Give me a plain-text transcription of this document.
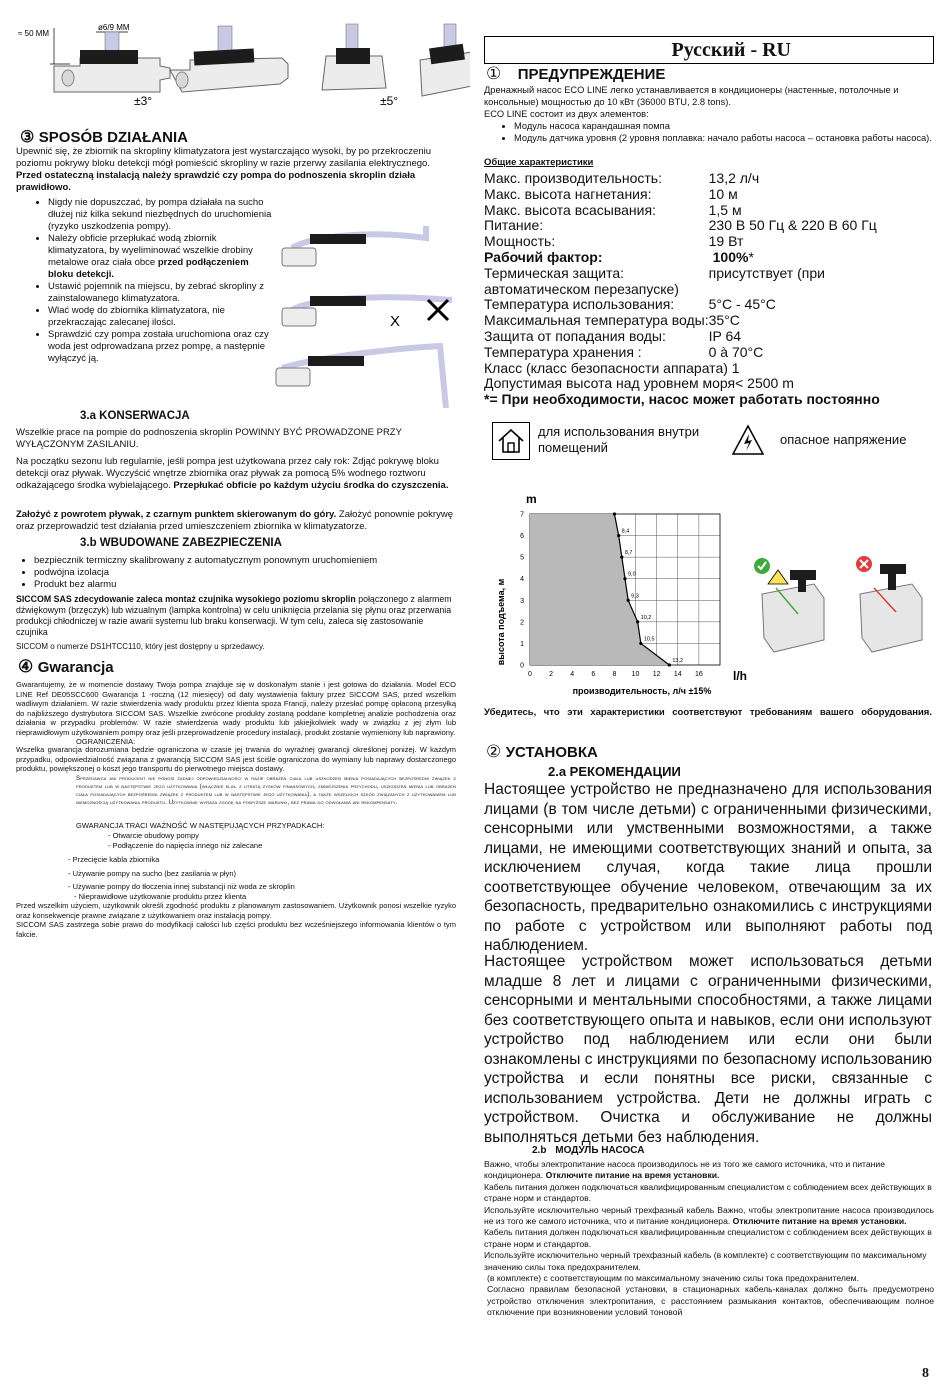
≈ 50 MM
ø6/9 MM
±3°	±5°
③ SPOSÓB DZIAŁANIA
Upewnić się, że zbiornik na skropliny klimatyzatora jest wystarczająco wysoki, by po przekroczeniu poziomu pokrywy bloku detekcji mógł pomieścić skropliny w razie przerwy zasilania elektrycznego. Przed ostateczną instalacją należy sprawdzić czy pompa do podnoszenia skroplin działa prawidłowo.
• Nigdy nie dopuszczać, by pompa działała na sucho dłużej niż kilka sekund niezbędnych do uruchomienia (ryzyko uszkodzenia pompy).
• Należy obficie przepłukać wodą zbiornik klimatyzatora, by wyeliminować wszelkie drobiny metalowe oraz ciała obce przed podłączeniem bloku detekcji.
• Ustawić pojemnik na miejscu, by zebrać skropliny z zainstalowanego klimatyzatora.
• Wlać wodę do zbiornika klimatyzatora, nie przekraczając zalecanej ilości.
• Sprawdzić czy pompa została uruchomiona oraz czy woda jest odprowadzana przez pompę, a następnie wyłączyć ją.
X
3.a KONSERWACJA
Wszelkie prace na pompie do podnoszenia skroplin POWINNY BYĆ PROWADZONE PRZY WYŁĄCZONYM ZASILANIU.
Na początku sezonu lub regularnie, jeśli pompa jest użytkowana przez cały rok: Zdjąć pokrywę bloku detekcji oraz pływak. Wyczyścić wnętrze zbiornika oraz pływak za pomocą 5% wodnego roztworu odkażającego środka wybielającego. Przepłukać obficie po każdym użyciu środka do czyszczenia.
Założyć z powrotem pływak, z czarnym punktem skierowanym do góry. Założyć ponownie pokrywę oraz przeprowadzić test działania przed umieszczeniem zbiornika w klimatyzatorze.
3.b WBUDOWANE ZABEZPIECZENIA
• bezpiecznik termiczny skalibrowany z automatycznym ponownym uruchomieniem
• podwójna izolacja
• Produkt bez alarmu
SICCOM SAS zdecydowanie zaleca montaż czujnika wysokiego poziomu skroplin połączonego z alarmem dźwiękowym (brzęczyk) lub wizualnym (lampka kontrolna) w celu uniknięcia przelania się płynu oraz przerwania produkcji chłodniczej w razie awarii systemu lub braku konserwacji. W tym celu, zaleca się zastosowanie czujnika
SICCOM o numerze DS1HTCC110, który jest dostępny u sprzedawcy.
④ Gwarancja
Gwarantujemy, że w momencie dostawy Twoja pompa znajduje się w doskonałym stanie i jest gotowa do działania. Model ECO LINE Ref DE05SCC600 Gwarancja 1 -roczną (12 miesięcy) od daty wystawienia faktury przez SICCOM SAS, przed wszelkim wadliwym działaniem. W razie stwierdzenia wady produktu przez klienta spoza Francji, należy przesłać pompę opłaconą przesyłką do najbliższego dystrybutora SICCOM SAS. Wszelkie zwrócone produkty zostaną poddane kompletnej analizie pochodzenia oraz działania w przypadku problemów. W razie stwierdzenia wady produktu lub jakiejkolwiek wady w związku z jej złym lub nieprawidłowym użytkowaniem pompy oraz jeśli przeprowadzenie procedury instalacji, produkt zostanie wymieniony lub naprawiony.
OGRANICZENIA:
Wszelka gwarancja dorozumiana będzie ograniczona w czasie jej trwania do wyraźnej gwarancji określonej poniżej. W każdym przypadku, odpowiedzialność związana z gwarancją SICCOM SAS jest ściśle ograniczona do wymiany lub naprawy dostarczonego produktu, powiększonej o koszt jego transportu do pierwotnego miejsca dostawy.
Sprzedawca ani producent nie ponosi żadnej odpowiedzialności w razie obrażeń ciała lub uszkodzeń mienia posiadających bezpośredni związek z produktem lub w następstwie jego użytkowania (włącznie m.in. z utratą zysków finansowych, zmniejszenia przychodu, uszkodzeń mienia lub obrażeń ciała posiadających bezpośredni związek z produktem lub w następstwie jego użytkowania), a także wszelkich szkód związanych z użytkowaniem lub niemożnością użytkowania produktu. Użytkownik wyraża zgodę na powyższe warunki, bez prawa do odwołania ani rekompensaty.
GWARANCJA TRACI WAŻNOŚĆ W NASTĘPUJĄCYCH PRZYPADKACH:
- Otwarcie obudowy pompy
- Podłączenie do napięcia innego niż zalecane
- Przecięcie kabla zbiornika
- Używanie pompy na sucho (bez zasilania w płyn)
- Używanie pompy do tłoczenia innej substancji niż woda ze skroplin
- Nieprawidłowe użytkowanie produktu przez klienta
Przed wszelkim użyciem, użytkownik określi zgodność produktu z planowanym zastosowaniem. Użytkownik ponosi wszelkie ryzyko oraz konsekwencje prawne związane z użytkowaniem oraz instalacją pompy.
SICCOM SAS zastrzega sobie prawo do modyfikacji całości lub części produktu bez wcześniejszego informowania klientów o tym fakcie.
Русский - RU
① ПРЕДУПРЕЖДЕНИЕ
Дренажный насос ECO LINE легко устанавливается в кондиционеры (настенные, потолочные и консольные) мощностью до 10 кВт (36000 BTU, 2.8 tons).
ECO LINE состоит из двух элементов:
• Модуль насоса карандашная помпа
• Модуль датчика уровня (2 уровня поплавка: начало работы насоса – остановка работы насоса).
Общие характеристики
Макс. производительность:	13,2 л/ч
Макс. высота нагнетания:	10 м
Макс. высота всасывания:	1,5 м
Питание:	230 В 50 Гц & 220 В 60 Гц
Мощность:	19 Вт
Рабочий фактор:	100%*
Термическая защита:	присутствует (при
автоматическом перезапуске)	
Температура использования:	5°C - 45°C
Максимальная температура воды:	35°C
Защита от попадания воды:	IP 64
Температура хранения :	0 à 70°C
Класс (класс безопасности аппарата) 1	
Допустимая высота над уровнем моря< 2500 m	
*= При необходимости, насос может работать постоянно	
для использования внутри помещений
опасное напряжение
высота подъема, м
m
производительность, л/ч ±15%
l/h
8,4
8,7
9,0
9,3
10,2
10,5
13,2
0 2 4 6 8 10 12 14 16
0
1
2
3
4
5
6
7
Убедитесь, что эти характеристики соответствуют требованиям вашего оборудования.
② УСТАНОВКА
2.a РЕКОМЕНДАЦИИ
Настоящее устройство не предназначено для использования лицами (в том числе детьми) с ограниченными физическими, сенсорными или умственными возможностями, а также лицами, не имеющими соответствующих знаний и опыта, за исключением случая, когда такие лица прошли соответствующее обучение человеком, отвечающим за их безопасность, предварительно ознакомились с инструкциями по работе с устройством или выполняют работы под наблюдением.
Настоящее устройством может использоваться детьми младше 8 лет и лицами с ограниченными физическими, сенсорными и ментальными способностями, а также лицами без соответствующего опыта и навыков, если они используют устройство под наблюдением или если они были ознакомлены с инструкциями по безопасному использованию устройства и если понятны все риски, связанные с использованием устройства. Дети не должны играть с устройством. Очистка и обслуживание не должны выполняться детьми без наблюдения.
2.b МОДУЛЬ НАСОСА
Важно, чтобы электропитание насоса производилось не из того же самого источника, что и питание кондиционера. Отключите питание на время установки.
Кабель питания должен подключаться квалифицированным специалистом с соблюдением всех действующих в стране норм и стандартов.
Используйте исключительно черный трехфазный кабель Важно, чтобы электропитание насоса производилось не из того же самого источника, что и питание кондиционера. Отключите питание на время установки.
Кабель питания должен подключаться квалифицированным специалистом с соблюдением всех действующих в стране норм и стандартов.
Используйте исключительно черный трехфазный кабель (в комплекте) с соответствующим по максимальному значению силы тока предохранителем.
(в комплекте) с соответствующим по максимальному значению силы тока предохранителем.
Согласно правилам безопасной установки, в стационарных кабель-каналах должно быть предусмотрено устройство отключения электропитания, с расстоянием размыкания контактов, обеспечивающим полное отключение при возникновении условий тоновой
8
